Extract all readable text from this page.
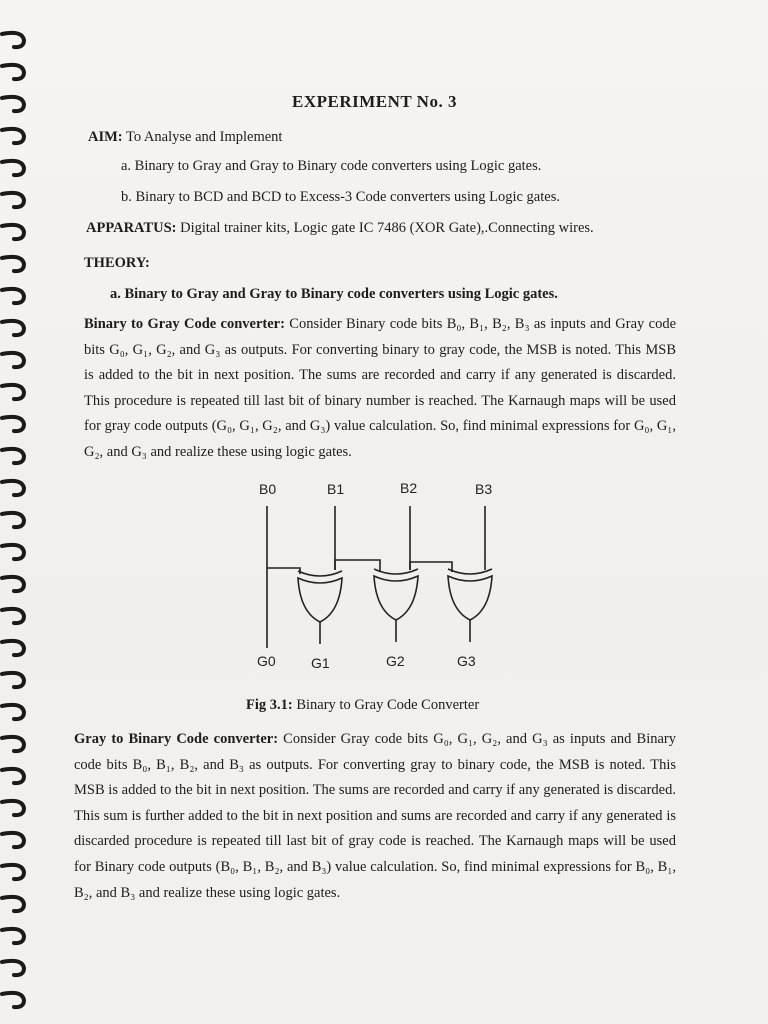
EXPERIMENT No. 3
AIM: To Analyse and Implement
a. Binary to Gray and Gray to Binary code converters using Logic gates.
b. Binary to BCD and BCD to Excess-3 Code converters using Logic gates.
APPARATUS: Digital trainer kits, Logic gate IC 7486 (XOR Gate),.Connecting wires.
THEORY:
a. Binary to Gray and Gray to Binary code converters using Logic gates.
Binary to Gray Code converter: Consider Binary code bits B₀, B₁, B₂, B₃ as inputs and Gray code bits G₀, G₁, G₂, and G₃ as outputs. For converting binary to gray code, the MSB is noted. This MSB is added to the bit in next position. The sums are recorded and carry if any generated is discarded. This procedure is repeated till last bit of binary number is reached. The Karnaugh maps will be used for gray code outputs (G₀, G₁, G₂, and G₃) value calculation. So, find minimal expressions for G₀, G₁, G₂, and G₃ and realize these using logic gates.
B0	B1	B2	B3
G0	G1	G2	G3
Fig 3.1: Binary to Gray Code Converter
Gray to Binary Code converter: Consider Gray code bits G₀, G₁, G₂, and G₃ as inputs and Binary code bits B₀, B₁, B₂, and B₃ as outputs. For converting gray to binary code, the MSB is noted. This MSB is added to the bit in next position. The sums are recorded and carry if any generated is discarded. This sum is further added to the bit in next position and sums are recorded and carry if any generated is discarded procedure is repeated till last bit of gray code is reached. The Karnaugh maps will be used for Binary code outputs (B₀, B₁, B₂, and B₃) value calculation. So, find minimal expressions for B₀, B₁, B₂, and B₃ and realize these using logic gates.
